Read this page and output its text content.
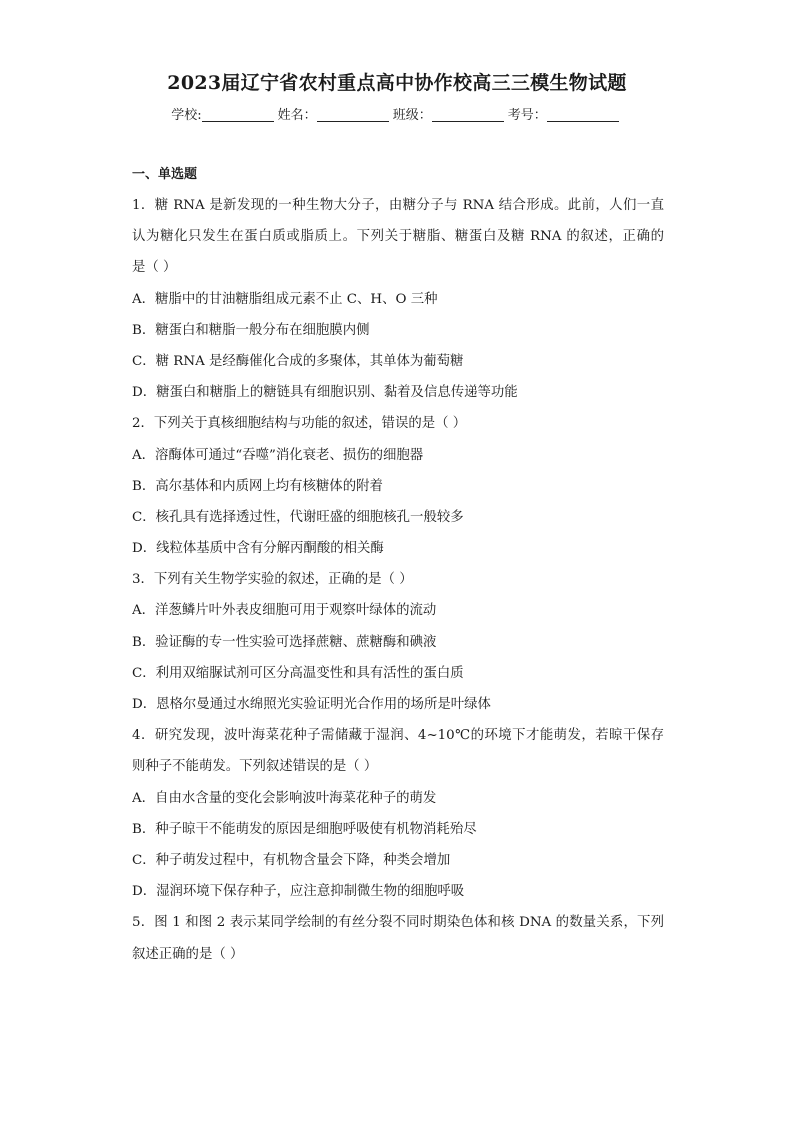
2023届辽宁省农村重点高中协作校高三三模生物试题
学校:	姓名：	班级：	考号：
一、单选题
1．糖 RNA 是新发现的一种生物大分子，由糖分子与 RNA 结合形成。此前，人们一直
认为糖化只发生在蛋白质或脂质上。下列关于糖脂、糖蛋白及糖 RNA 的叙述，正确的
是（ ）
A．糖脂中的甘油糖脂组成元素不止 C、H、O 三种
B．糖蛋白和糖脂一般分布在细胞膜内侧
C．糖 RNA 是经酶催化合成的多聚体，其单体为葡萄糖
D．糖蛋白和糖脂上的糖链具有细胞识别、黏着及信息传递等功能
2．下列关于真核细胞结构与功能的叙述，错误的是（ ）
A．溶酶体可通过“吞噬”消化衰老、损伤的细胞器
B．高尔基体和内质网上均有核糖体的附着
C．核孔具有选择透过性，代谢旺盛的细胞核孔一般较多
D．线粒体基质中含有分解丙酮酸的相关酶
3．下列有关生物学实验的叙述，正确的是（ ）
A．洋葱鳞片叶外表皮细胞可用于观察叶绿体的流动
B．验证酶的专一性实验可选择蔗糖、蔗糖酶和碘液
C．利用双缩脲试剂可区分高温变性和具有活性的蛋白质
D．恩格尔曼通过水绵照光实验证明光合作用的场所是叶绿体
4．研究发现，波叶海菜花种子需储藏于湿润、4~10℃的环境下才能萌发，若晾干保存
则种子不能萌发。下列叙述错误的是（ ）
A．自由水含量的变化会影响波叶海菜花种子的萌发
B．种子晾干不能萌发的原因是细胞呼吸使有机物消耗殆尽
C．种子萌发过程中，有机物含量会下降，种类会增加
D．湿润环境下保存种子，应注意抑制微生物的细胞呼吸
5．图 1 和图 2 表示某同学绘制的有丝分裂不同时期染色体和核 DNA 的数量关系，下列
叙述正确的是（ ）
